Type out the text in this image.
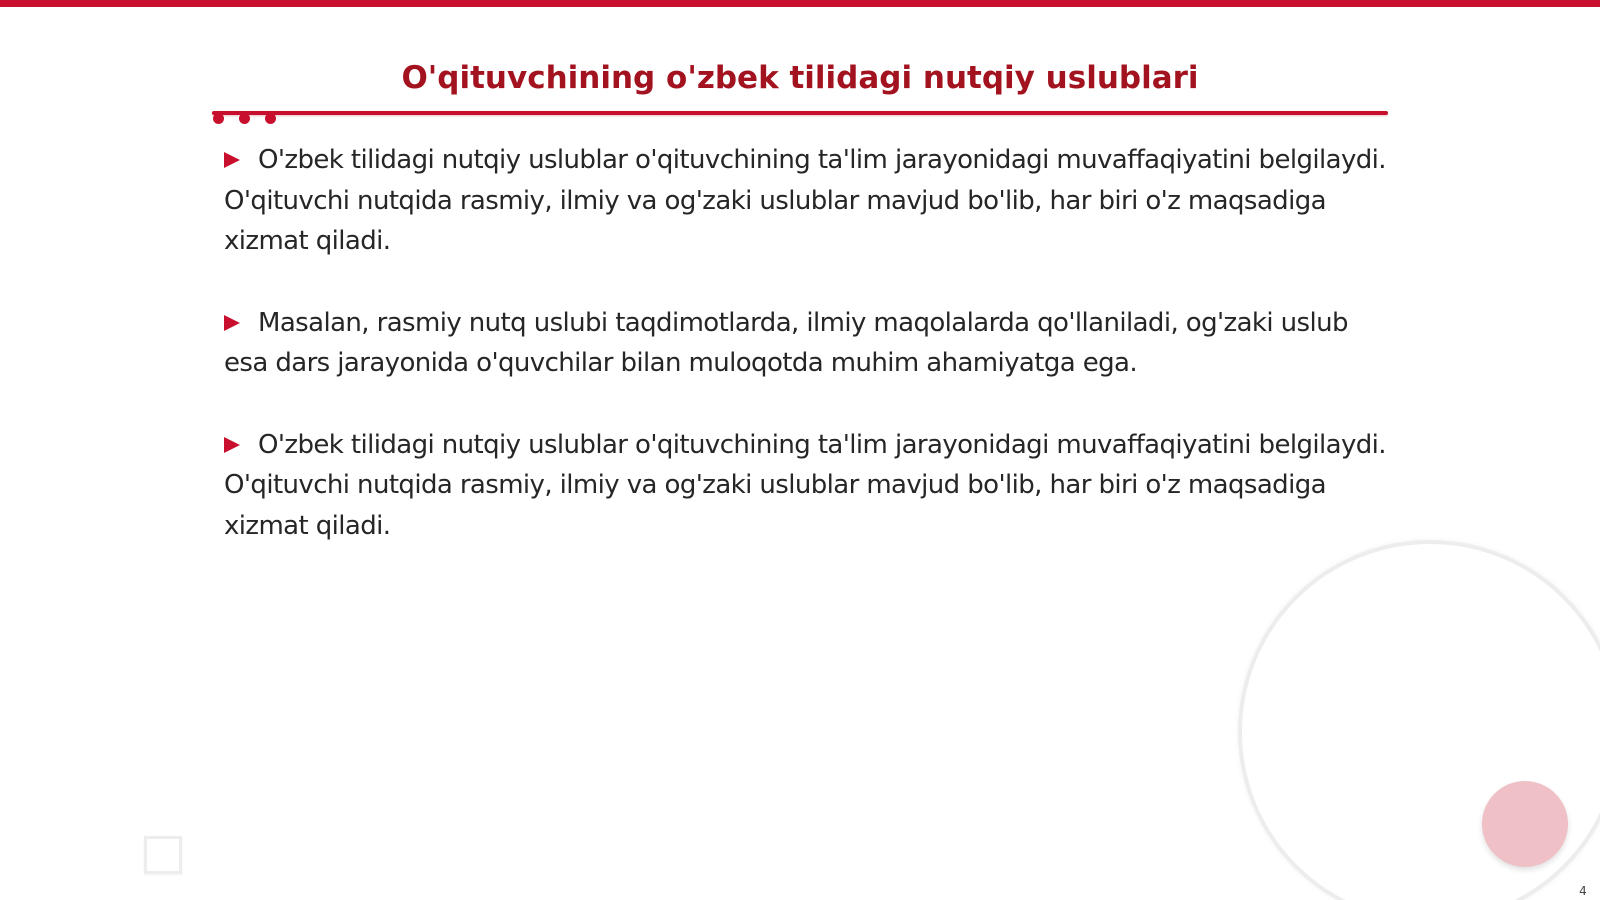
O'qituvchining o'zbek tilidagi nutqiy uslublari
O'zbek tilidagi nutqiy uslublar o'qituvchining ta'lim jarayonidagi muvaffaqiyatini belgilaydi. O'qituvchi nutqida rasmiy, ilmiy va og'zaki uslublar mavjud bo'lib, har biri o'z maqsadiga xizmat qiladi.
Masalan, rasmiy nutq uslubi taqdimotlarda, ilmiy maqolalarda qo'llaniladi, og'zaki uslub esa dars jarayonida o'quvchilar bilan muloqotda muhim ahamiyatga ega.
O'zbek tilidagi nutqiy uslublar o'qituvchining ta'lim jarayonidagi muvaffaqiyatini belgilaydi. O'qituvchi nutqida rasmiy, ilmiy va og'zaki uslublar mavjud bo'lib, har biri o'z maqsadiga xizmat qiladi.
4
